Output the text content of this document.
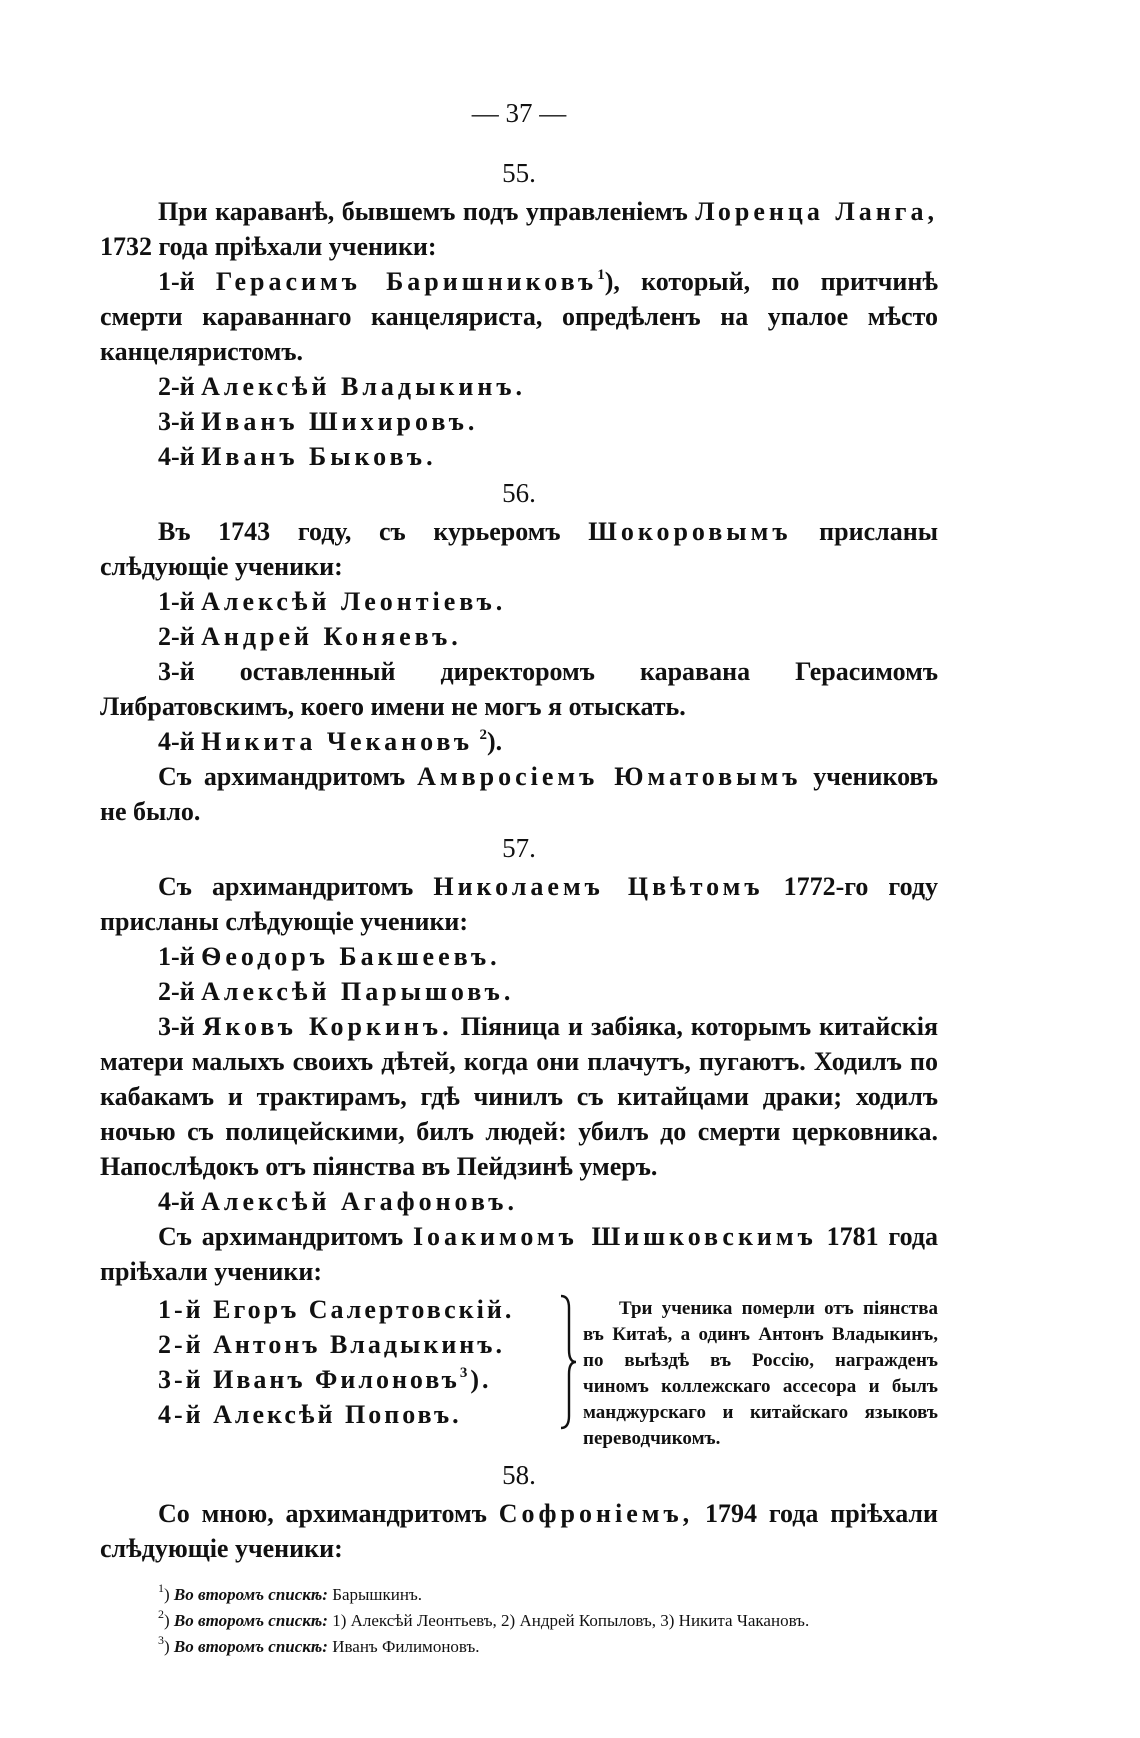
— 37 —
55.

При караванѣ, бывшемъ подъ управленіемъ Лоренца Ланга, 1732 года пріѣхали ученики:

1-й Герасимъ Баришниковъ$^1$), который, по притчинѣ смерти караваннаго канцеляриста, опредѣленъ на упалое мѣсто канцеляристомъ.

2-й Алексѣй Владыкинъ.

3-й Иванъ Шихировъ.

4-й Иванъ Быковъ.

56.

Въ 1743 году, съ курьеромъ Шокоровымъ присланы слѣдующіе ученики:

1-й Алексѣй Леонтіевъ.

2-й Андрей Коняевъ.

3-й оставленный директоромъ каравана Герасимомъ Либратовскимъ, коего имени не могъ я отыскать.

4-й Никита Чекановъ $^2$).

Съ архимандритомъ Амвросіемъ Юматовымъ учениковъ не было.

57.

Съ архимандритомъ Николаемъ Цвѣтомъ 1772-го году присланы слѣдующіе ученики:

1-й Ѳеодоръ Бакшеевъ.

2-й Алексѣй Парышовъ.

3-й Яковъ Коркинъ. Піяница и забіяка, которымъ китайскія матери малыхъ своихъ дѣтей, когда они плачутъ, пугаютъ. Ходилъ по кабакамъ и трактирамъ, гдѣ чинилъ съ китайцами драки; ходилъ ночью съ полицейскими, билъ людей: убилъ до смерти церковника. Напослѣдокъ отъ піянства въ Пейдзинѣ умеръ.

4-й Алексѣй Агафоновъ.

Съ архимандритомъ Іоакимомъ Шишковскимъ 1781 года пріѣхали ученики:

1-й Егоръ Салертовскій.
2-й Антонъ Владыкинъ.
3-й Иванъ Филоновъ$^3$).
4-й Алексѣй Поповъ.
Три ученика померли отъ піянства въ Китаѣ, а одинъ Антонъ Владыкинъ, по выѣздѣ въ Россію, награжденъ чиномъ коллежскаго ассесора и былъ манджурскаго и китайскаго языковъ переводчикомъ.
58.

Со мною, архимандритомъ Софроніемъ, 1794 года пріѣхали слѣдующіе ученики:

$^1$) Во второмъ спискѣ: Барышкинъ.
$^2$) Во второмъ спискѣ: 1) Алексѣй Леонтьевъ, 2) Андрей Копыловъ, 3) Никита Чакановъ.
$^3$) Во второмъ спискѣ: Иванъ Филимоновъ.
